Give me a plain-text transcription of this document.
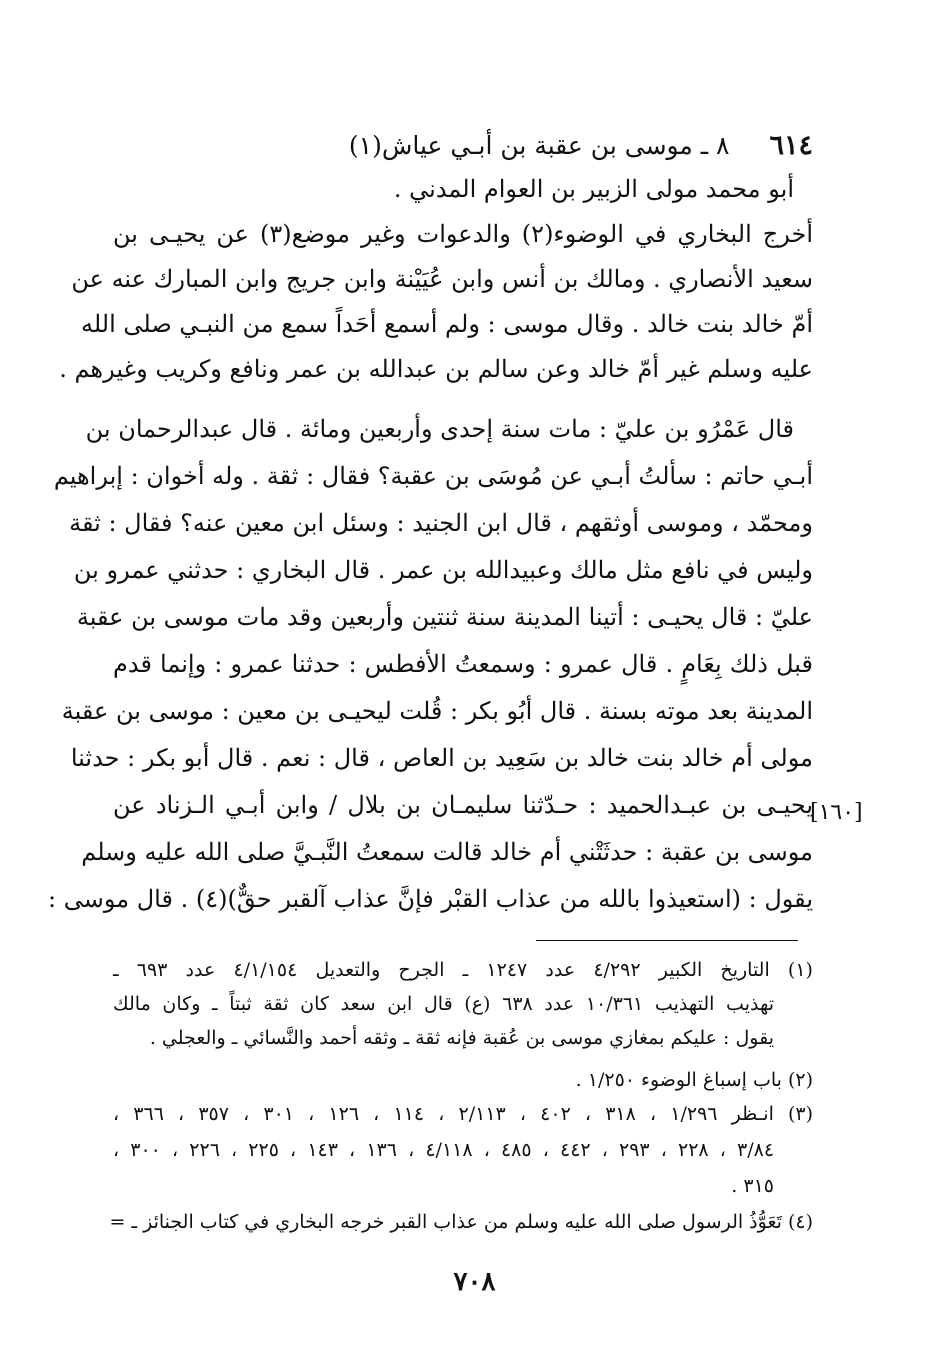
٦١٤٨ ـ موسى بن عقبة بن أبـي عياش(١)
أبو محمد مولى الزبير بن العوام المدني .
أخرج البخاري في الوضوء(٢) والدعوات وغير موضع(٣) عن يحيـى بن
سعيد الأنصاري . ومالك بن أنس وابن عُيَيْنة وابن جريج وابن المبارك عنه عن
أمّ خالد بنت خالد . وقال موسى : ولم أسمع أحَداً سمع من النبـي صلى الله
عليه وسلم غير أمّ خالد وعن سالم بن عبدالله بن عمر ونافع وكريب وغيرهم .
قال عَمْرُو بن عليّ : مات سنة إحدى وأربعين ومائة . قال عبدالرحمان بن
أبـي حاتم : سألتُ أبـي عن مُوسَى بن عقبة؟ فقال : ثقة . وله أخوان : إبراهيم
ومحمّد ، وموسى أوثقهم ، قال ابن الجنيد : وسئل ابن معين عنه؟ فقال : ثقة
وليس في نافع مثل مالك وعبيدالله بن عمر . قال البخاري : حدثني عمرو بن
عليّ : قال يحيـى : أتينا المدينة سنة ثنتين وأربعين وقد مات موسى بن عقبة
قبل ذلك بِعَامٍ . قال عمرو : وسمعتُ الأفطس : حدثنا عمرو : وإنما قدم
المدينة بعد موته بسنة . قال أبُو بكر : قُلت ليحيـى بن معين : موسى بن عقبة
مولى أم خالد بنت خالد بن سَعِيد بن العاص ، قال : نعم . قال أبو بكر : حدثنا
يحيـى بن عبـدالحميد : حـدّثنا سليمـان بن بلال / وابن أبـي الـزناد عن
موسى بن عقبة : حدثَتْني أم خالد قالت سمعتُ النَّبـيَّ صلى الله عليه وسلم
يقول : (استعيذوا بالله من عذاب القبْر فإنَّ عذاب آلقبر حقٌّ)(٤) . قال موسى :
[١٦٠]
(١) التاريخ الكبير ٤/٢٩٢ عدد ١٢٤٧ ـ الجرح والتعديل ٤/١/١٥٤ عدد ٦٩٣ ـ
تهذيب التهذيب ١٠/٣٦١ عدد ٦٣٨ (ع) قال ابن سعد كان ثقة ثبتاً ـ وكان مالك
يقول : عليكم بمغازي موسى بن عُقبة فإنه ثقة ـ وثقه أحمد والنَّسائي ـ والعجلي .
(٢) باب إسباغ الوضوء ١/٢٥٠ .
(٣) انـظر ١/٢٩٦ ، ٣١٨ ، ٤٠٢ ، ٢/١١٣ ، ١١٤ ، ١٢٦ ، ٣٠١ ، ٣٥٧ ، ٣٦٦ ،
٣/٨٤ ، ٢٢٨ ، ٢٩٣ ، ٤٤٢ ، ٤٨٥ ، ٤/١١٨ ، ١٣٦ ، ١٤٣ ، ٢٢٥ ، ٢٢٦ ، ٣٠٠ ،
٣١٥ .
(٤) تَعَوُّذُ الرسول صلى الله عليه وسلم من عذاب القبر خرجه البخاري في كتاب الجنائز ـ =
٧٠٨
